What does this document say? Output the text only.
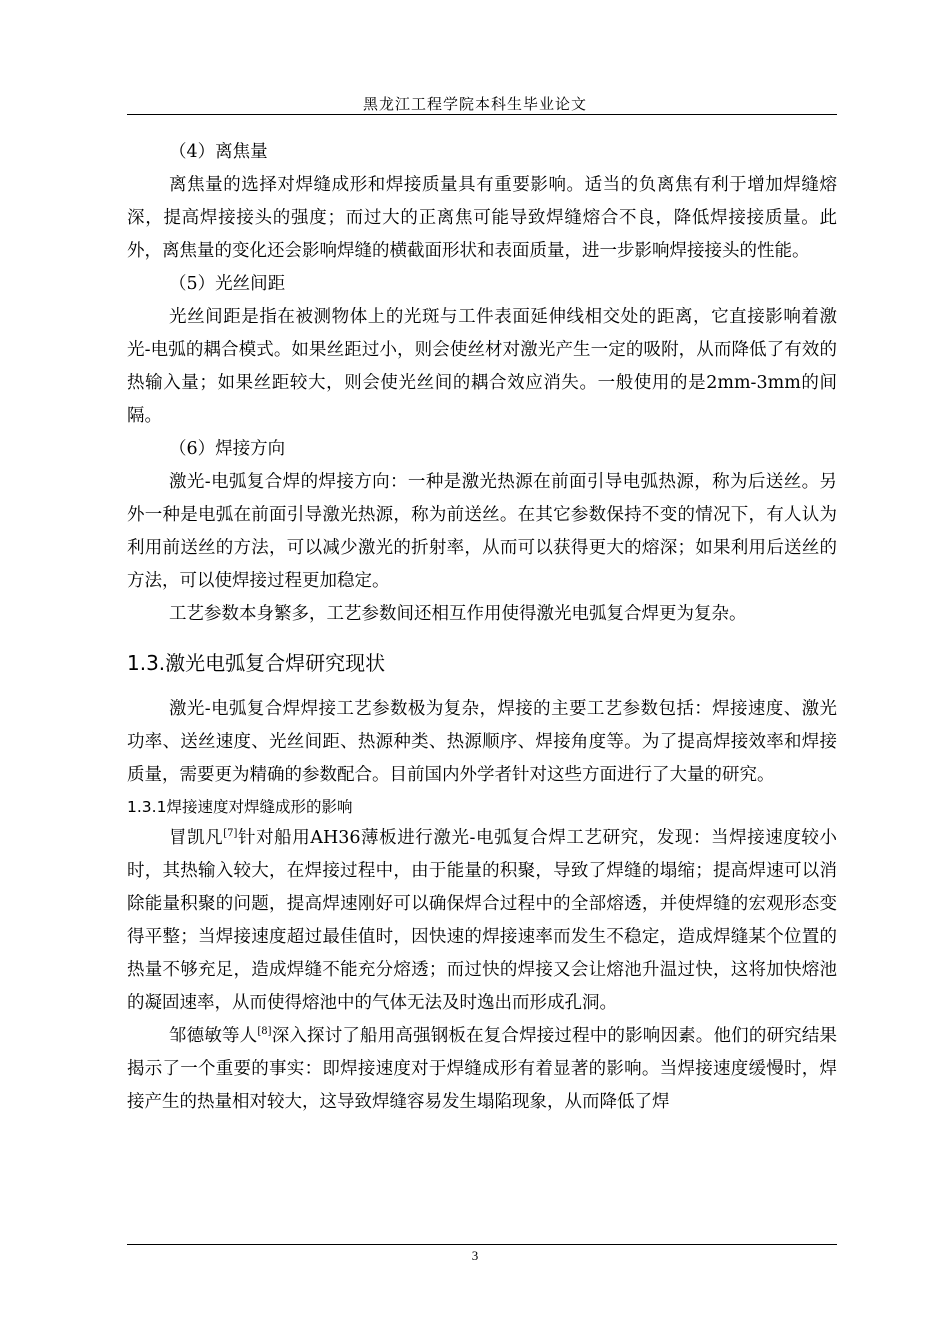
黑龙江工程学院本科生毕业论文

（4）离焦量

离焦量的选择对焊缝成形和焊接质量具有重要影响。适当的负离焦有利于增加焊缝熔深，提高焊接接头的强度；而过大的正离焦可能导致焊缝熔合不良，降低焊接接质量。此外，离焦量的变化还会影响焊缝的横截面形状和表面质量，进一步影响焊接接头的性能。

（5）光丝间距

光丝间距是指在被测物体上的光斑与工件表面延伸线相交处的距离，它直接影响着激光-电弧的耦合模式。如果丝距过小，则会使丝材对激光产生一定的吸附，从而降低了有效的热输入量；如果丝距较大，则会使光丝间的耦合效应消失。一般使用的是2mm-3mm的间隔。

（6）焊接方向

激光-电弧复合焊的焊接方向：一种是激光热源在前面引导电弧热源，称为后送丝。另外一种是电弧在前面引导激光热源，称为前送丝。在其它参数保持不变的情况下，有人认为利用前送丝的方法，可以减少激光的折射率，从而可以获得更大的熔深；如果利用后送丝的方法，可以使焊接过程更加稳定。

工艺参数本身繁多，工艺参数间还相互作用使得激光电弧复合焊更为复杂。

1.3.激光电弧复合焊研究现状

激光-电弧复合焊焊接工艺参数极为复杂，焊接的主要工艺参数包括：焊接速度、激光功率、送丝速度、光丝间距、热源种类、热源顺序、焊接角度等。为了提高焊接效率和焊接质量，需要更为精确的参数配合。目前国内外学者针对这些方面进行了大量的研究。

1.3.1焊接速度对焊缝成形的影响

冒凯凡[7]针对船用AH36薄板进行激光-电弧复合焊工艺研究，发现：当焊接速度较小时，其热输入较大，在焊接过程中，由于能量的积聚，导致了焊缝的塌缩；提高焊速可以消除能量积聚的问题，提高焊速刚好可以确保焊合过程中的全部熔透，并使焊缝的宏观形态变得平整；当焊接速度超过最佳值时，因快速的焊接速率而发生不稳定，造成焊缝某个位置的热量不够充足，造成焊缝不能充分熔透；而过快的焊接又会让熔池升温过快，这将加快熔池的凝固速率，从而使得熔池中的气体无法及时逸出而形成孔洞。

邹德敏等人[8]深入探讨了船用高强钢板在复合焊接过程中的影响因素。他们的研究结果揭示了一个重要的事实：即焊接速度对于焊缝成形有着显著的影响。当焊接速度缓慢时，焊接产生的热量相对较大，这导致焊缝容易发生塌陷现象，从而降低了焊

3
